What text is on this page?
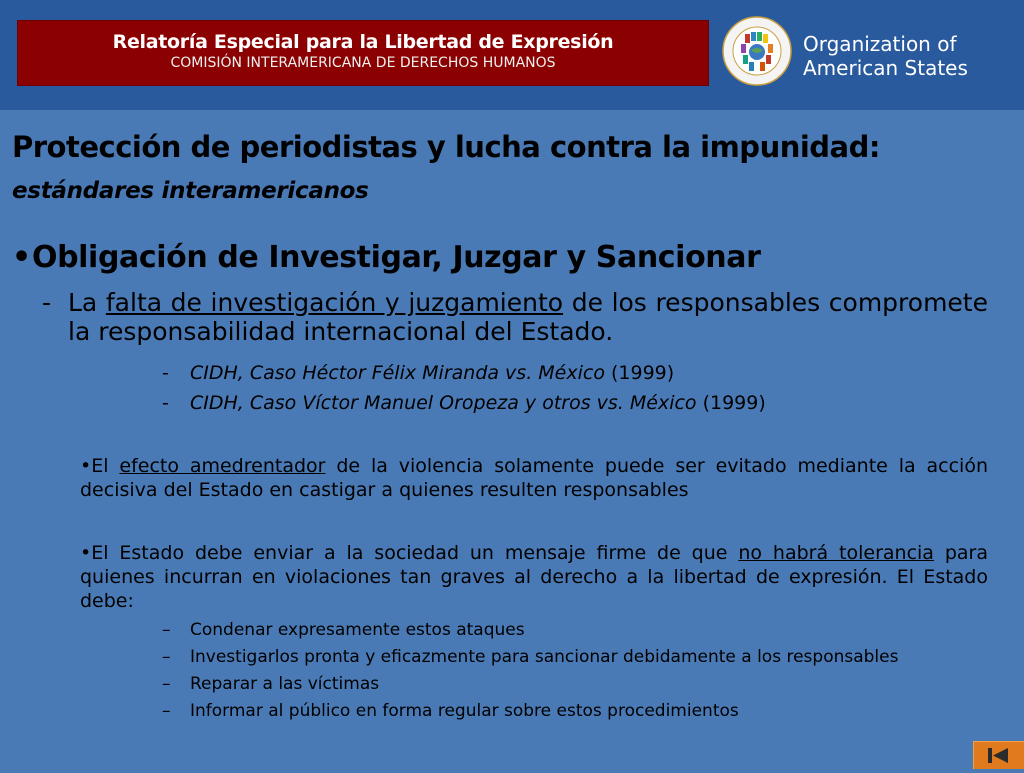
Relatoría Especial para la Libertad de Expresión
COMISIÓN INTERAMERICANA DE DERECHOS HUMANOS
Organization of
American States
Protección de periodistas y lucha contra la impunidad:
estándares interamericanos
•Obligación de Investigar, Juzgar y Sancionar
- La falta de investigación y juzgamiento de los responsables compromete la responsabilidad internacional del Estado.
- CIDH, Caso Héctor Félix Miranda vs. México (1999)
- CIDH, Caso Víctor Manuel Oropeza y otros vs. México (1999)
•El efecto amedrentador de la violencia solamente puede ser evitado mediante la acción decisiva del Estado en castigar a quienes resulten responsables
•El Estado debe enviar a la sociedad un mensaje firme de que no habrá tolerancia para quienes incurran en violaciones tan graves al derecho a la libertad de expresión. El Estado debe:
– Condenar expresamente estos ataques
– Investigarlos pronta y eficazmente para sancionar debidamente a los responsables
– Reparar a las víctimas
– Informar al público en forma regular sobre estos procedimientos
